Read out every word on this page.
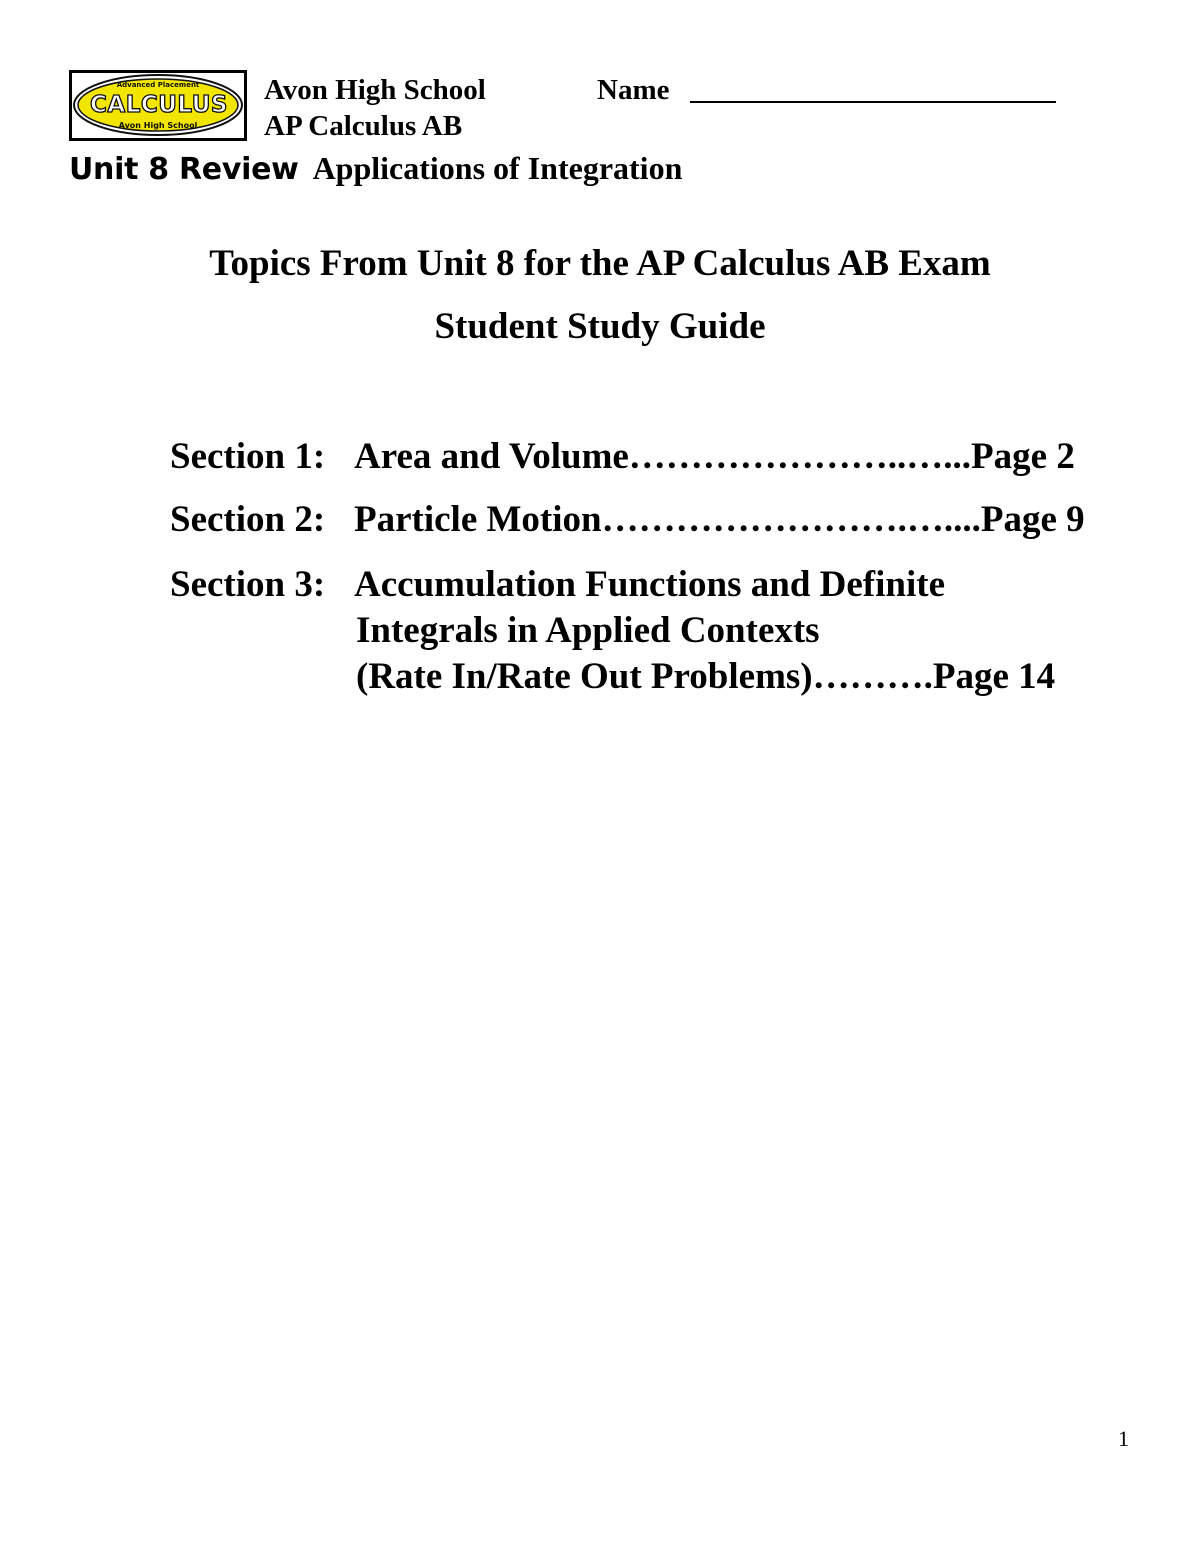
Advanced Placement
CALCULUS
Avon High School
Avon High School
AP Calculus AB
Name
Unit 8 Review Applications of Integration
Topics From Unit 8 for the AP Calculus AB Exam
Student Study Guide
Section 1: Area and Volume…………………..…...Page 2
Section 2: Particle Motion…………………….…....Page 9
Section 3: Accumulation Functions and Definite
Integrals in Applied Contexts
(Rate In/Rate Out Problems)……….Page 14
1
